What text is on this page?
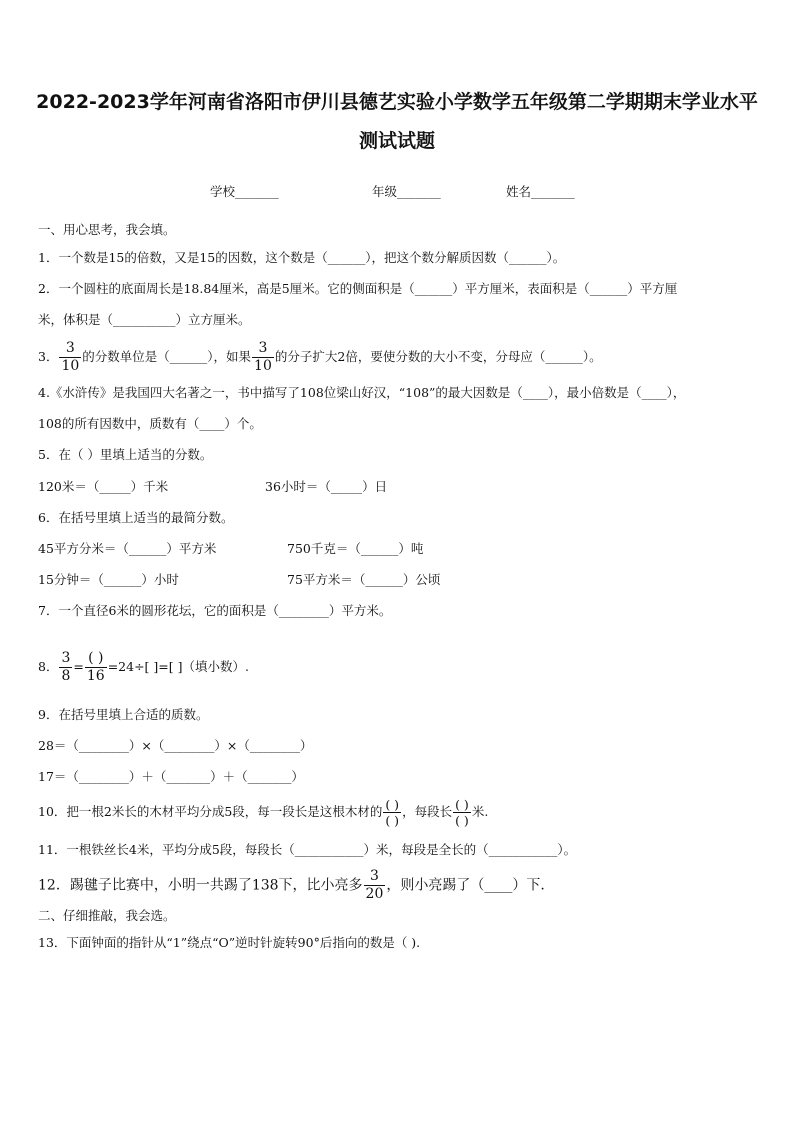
2022-2023学年河南省洛阳市伊川县德艺实验小学数学五年级第二学期期末学业水平
测试试题
学校_______	年级_______	姓名_______
一、用心思考，我会填。
1．一个数是15的倍数，又是15的因数，这个数是（______），把这个数分解质因数（______）。
2．一个圆柱的底面周长是18.84厘米，高是5厘米。它的侧面积是（______）平方厘米，表面积是（______）平方厘
米，体积是（__________）立方厘米。
3． $\frac{3}{10}$ 的分数单位是（______），如果 $\frac{3}{10}$ 的分子扩大2倍，要使分数的大小不变，分母应（______）。
4.《水浒传》是我国四大名著之一，书中描写了108位梁山好汉，“108”的最大因数是（____），最小倍数是（____），
108的所有因数中，质数有（____）个。
5．在（ ）里填上适当的分数。
120米＝（_____）千米	36小时＝（_____）日
6．在括号里填上适当的最简分数。
45平方分米＝（______）平方米	750千克＝（______）吨
15分钟＝（______）小时	75平方米＝（______）公顷
7．一个直径6米的圆形花坛，它的面积是（________）平方米。
8． $\frac{3}{8} = \frac{( )}{16} =24\div$[ ]=[ ]（填小数）.
9．在括号里填上合适的质数。
28＝（________）×（________）×（________）
17＝（________）＋（_______）＋（_______）
10．把一根2米长的木材平均分成5段，每一段长是这根木材的 $\frac{( )}{( )}$ ，每段长 $\frac{( )}{( )}$ 米.
11．一根铁丝长4米，平均分成5段，每段长（___________）米，每段是全长的（___________）。
12．踢毽子比赛中，小明一共踢了138下，比小亮多 $\frac{3}{20}$ ，则小亮踢了（____）下.
二、仔细推敲，我会选。
13．下面钟面的指针从“1”绕点“O”逆时针旋转90°后指向的数是（ ).
